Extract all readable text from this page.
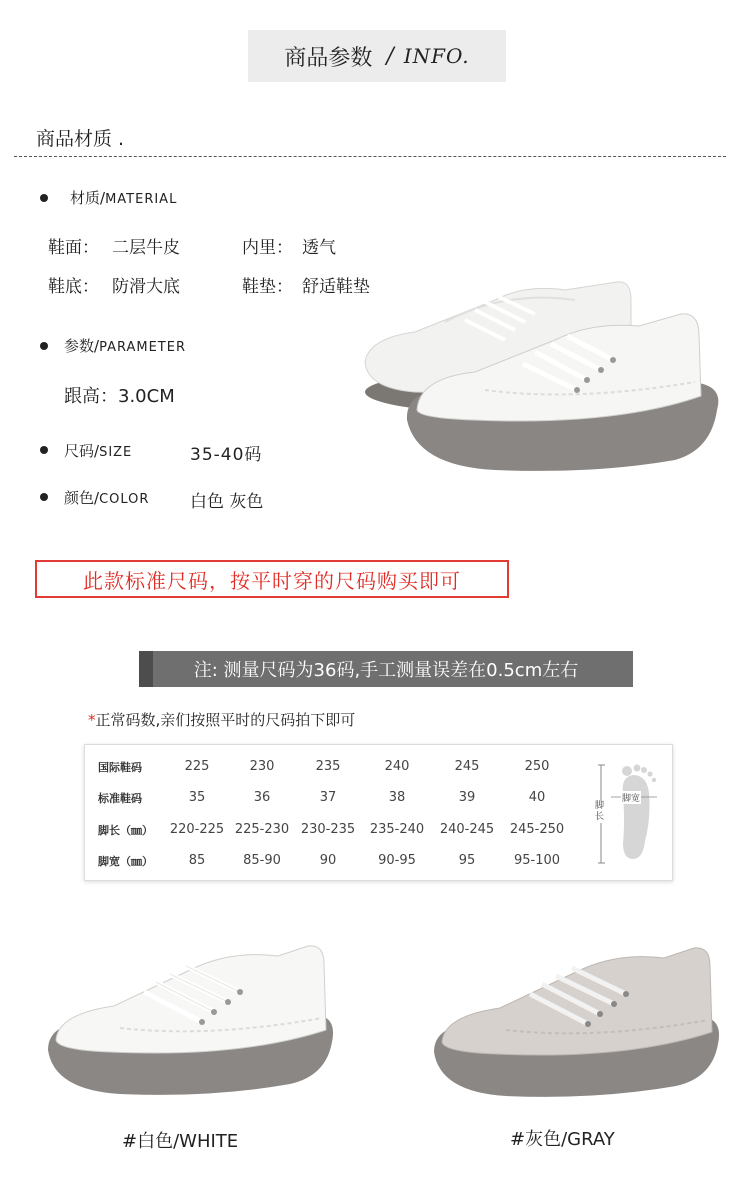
商品参数 / INFO.
商品材质 .
材质/MATERIAL
鞋面： 二层牛皮	内里： 透气
鞋底： 防滑大底	鞋垫： 舒适鞋垫
参数/PARAMETER
跟高：3.0CM
尺码/SIZE	35-40码
颜色/COLOR 白色 灰色
此款标准尺码，按平时穿的尺码购买即可
注: 测量尺码为36码,手工测量误差在0.5cm左右
*正常码数,亲们按照平时的尺码拍下即可
国际鞋码	225	230	235	240	245	250
标准鞋码	35	36	37	38	39	40
脚长（㎜）	220-225 225-230 230-235	235-240	240-245	245-250
脚宽（㎜）	85	85-90	90	90-95	95	95-100
脚宽
脚长
#白色/WHITE	#灰色/GRAY
